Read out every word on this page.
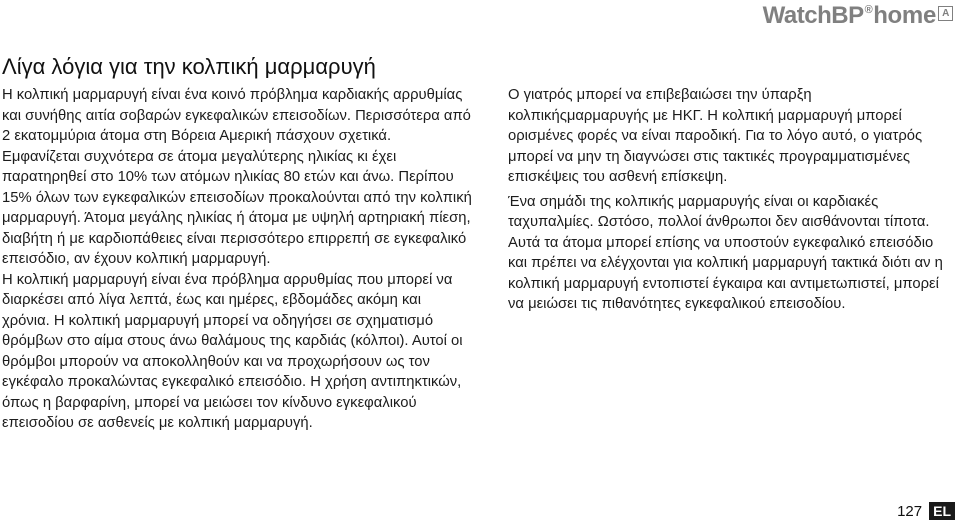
WatchBP®home A
Λίγα λόγια για την κολπική μαρμαρυγή

Η κολπική μαρμαρυγή είναι ένα κοινό πρόβλημα καρδιακής αρρυθμίας και συνήθης αιτία σοβαρών εγκεφαλικών επεισοδίων. Περισσότερα από 2 εκατομμύρια άτομα στη Βόρεια Αμερική πάσχουν σχετικά. Εμφανίζεται συχνότερα σε άτομα μεγαλύτερης ηλικίας κι έχει παρατηρηθεί στο 10% των ατόμων ηλικίας 80 ετών και άνω. Περίπου 15% όλων των εγκεφαλικών επεισοδίων προκαλούνται από την κολπική μαρμαρυγή. Άτομα μεγάλης ηλικίας ή άτομα με υψηλή αρτηριακή πίεση, διαβήτη ή με καρδιοπάθειες είναι περισσότερο επιρρεπή σε εγκεφαλικό επεισόδιο, αν έχουν κολπική μαρμαρυγή.

Η κολπική μαρμαρυγή είναι ένα πρόβλημα αρρυθμίας που μπορεί να διαρκέσει από λίγα λεπτά, έως και ημέρες, εβδομάδες ακόμη και χρόνια. Η κολπική μαρμαρυγή μπορεί να οδηγήσει σε σχηματισμό θρόμβων στο αίμα στους άνω θαλάμους της καρδιάς (κόλποι). Αυτοί οι θρόμβοι μπορούν να αποκολληθούν και να προχωρήσουν ως τον εγκέφαλο προκαλώντας εγκεφαλικό επεισόδιο. Η χρήση αντιπηκτικών, όπως η βαρφαρίνη, μπορεί να μειώσει τον κίνδυνο εγκεφαλικού επεισοδίου σε ασθενείς με κολπική μαρμαρυγή.

Ο γιατρός μπορεί να επιβεβαιώσει την ύπαρξη κολπικήςμαρμαρυγής με ΗΚΓ. Η κολπική μαρμαρυγή μπορεί ορισμένες φορές να είναι παροδική. Για το λόγο αυτό, ο γιατρός μπορεί να μην τη διαγνώσει στις τακτικές προγραμματισμένες επισκέψεις του ασθενή επίσκεψη.

Ένα σημάδι της κολπικής μαρμαρυγής είναι οι καρδιακές ταχυπαλμίες. Ωστόσο, πολλοί άνθρωποι δεν αισθάνονται τίποτα. Αυτά τα άτομα μπορεί επίσης να υποστούν εγκεφαλικό επεισόδιο και πρέπει να ελέγχονται για κολπική μαρμαρυγή τακτικά διότι αν η κολπική μαρμαρυγή εντοπιστεί έγκαιρα και αντιμετωπιστεί, μπορεί να μειώσει τις πιθανότητες εγκεφαλικού επεισοδίου.

127 EL
